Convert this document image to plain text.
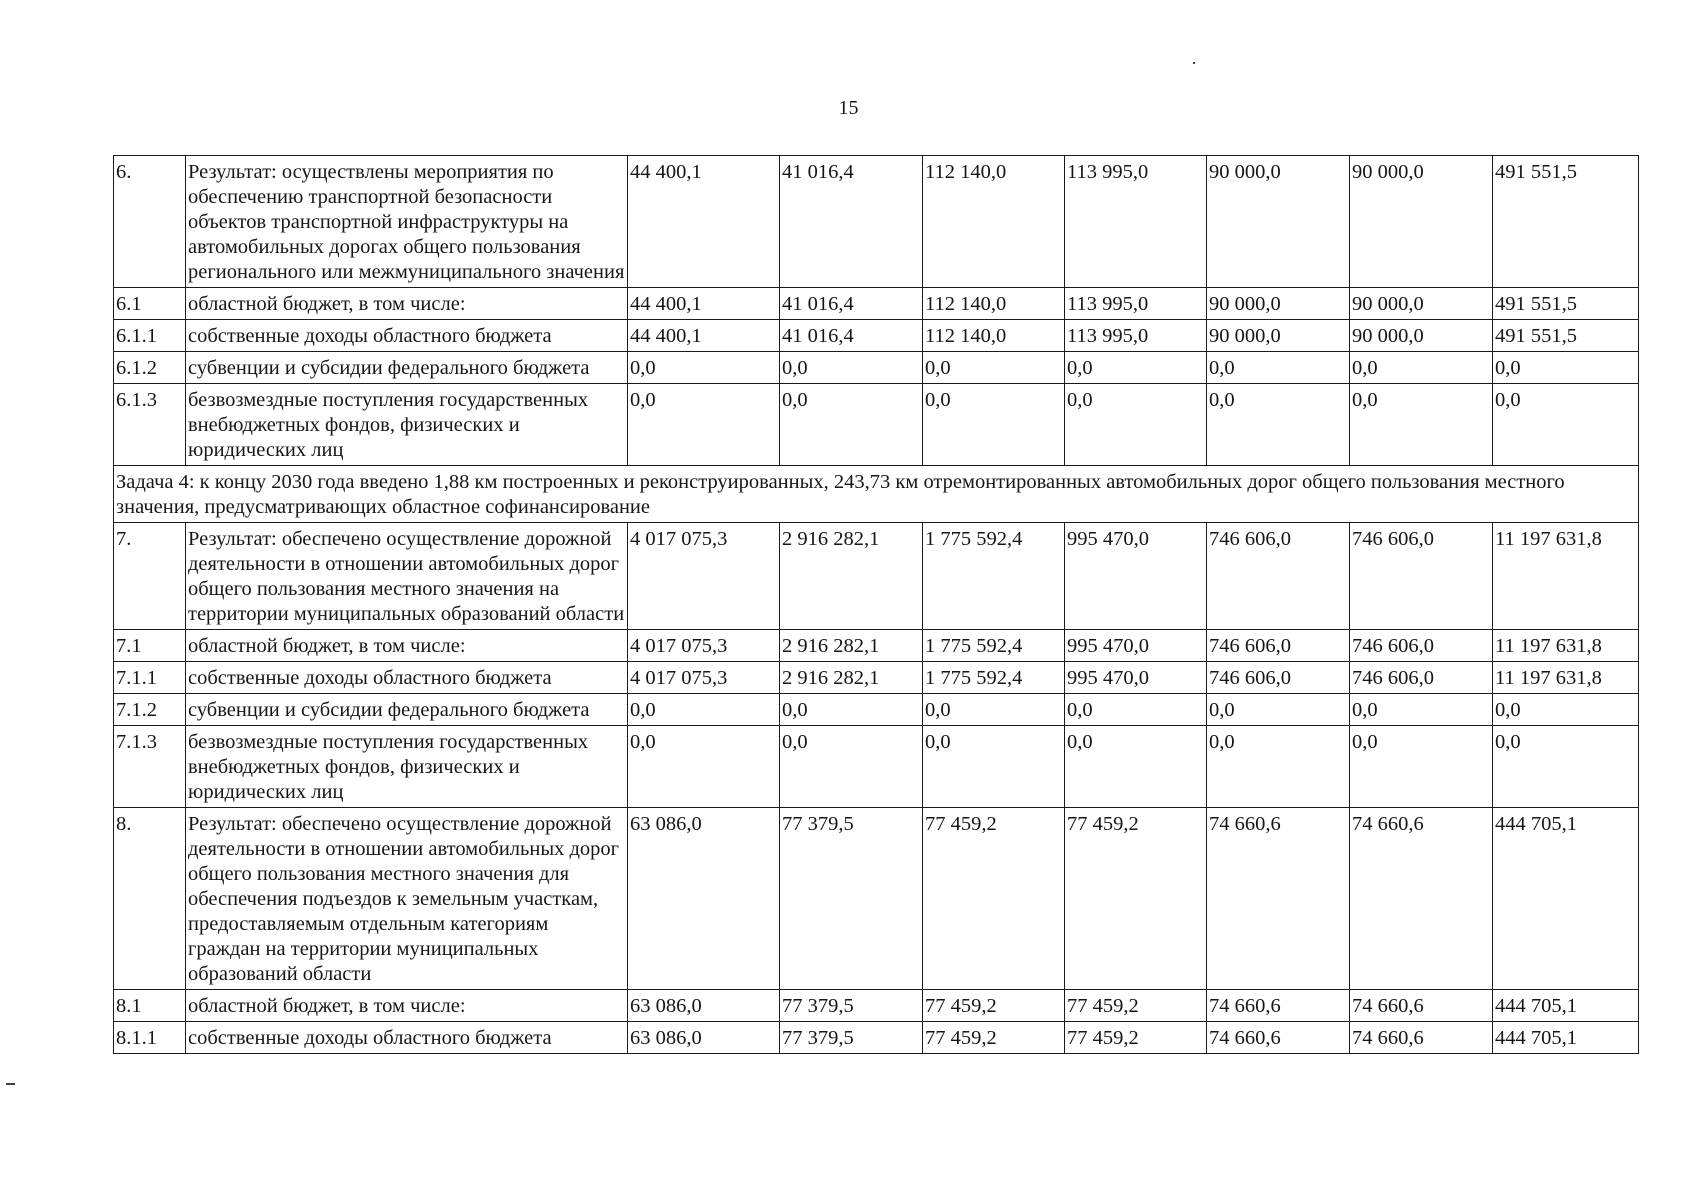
15
6.	Результат: осуществлены мероприятия по обеспечению транспортной безопасности объектов транспортной инфраструктуры на автомобильных дорогах общего пользования регионального или межмуниципального значения	44 400,1	41 016,4	112 140,0	113 995,0	90 000,0	90 000,0	491 551,5
6.1	областной бюджет, в том числе:	44 400,1	41 016,4	112 140,0	113 995,0	90 000,0	90 000,0	491 551,5
6.1.1	собственные доходы областного бюджета	44 400,1	41 016,4	112 140,0	113 995,0	90 000,0	90 000,0	491 551,5
6.1.2	субвенции и субсидии федерального бюджета	0,0	0,0	0,0	0,0	0,0	0,0	0,0
6.1.3	безвозмездные поступления государственных внебюджетных фондов, физических и юридических лиц	0,0	0,0	0,0	0,0	0,0	0,0	0,0
Задача 4: к концу 2030 года введено 1,88 км построенных и реконструированных, 243,73 км отремонтированных автомобильных дорог общего пользования местного значения, предусматривающих областное софинансирование								
7.	Результат: обеспечено осуществление дорожной деятельности в отношении автомобильных дорог общего пользования местного значения на территории муниципальных образований области	4 017 075,3	2 916 282,1	1 775 592,4	995 470,0	746 606,0	746 606,0	11 197 631,8
7.1	областной бюджет, в том числе:	4 017 075,3	2 916 282,1	1 775 592,4	995 470,0	746 606,0	746 606,0	11 197 631,8
7.1.1	собственные доходы областного бюджета	4 017 075,3	2 916 282,1	1 775 592,4	995 470,0	746 606,0	746 606,0	11 197 631,8
7.1.2	субвенции и субсидии федерального бюджета	0,0	0,0	0,0	0,0	0,0	0,0	0,0
7.1.3	безвозмездные поступления государственных внебюджетных фондов, физических и юридических лиц	0,0	0,0	0,0	0,0	0,0	0,0	0,0
8.	Результат: обеспечено осуществление дорожной деятельности в отношении автомобильных дорог общего пользования местного значения для обеспечения подъездов к земельным участкам, предоставляемым отдельным категориям граждан на территории муниципальных образований области	63 086,0	77 379,5	77 459,2	77 459,2	74 660,6	74 660,6	444 705,1
8.1	областной бюджет, в том числе:	63 086,0	77 379,5	77 459,2	77 459,2	74 660,6	74 660,6	444 705,1
8.1.1	собственные доходы областного бюджета	63 086,0	77 379,5	77 459,2	77 459,2	74 660,6	74 660,6	444 705,1
